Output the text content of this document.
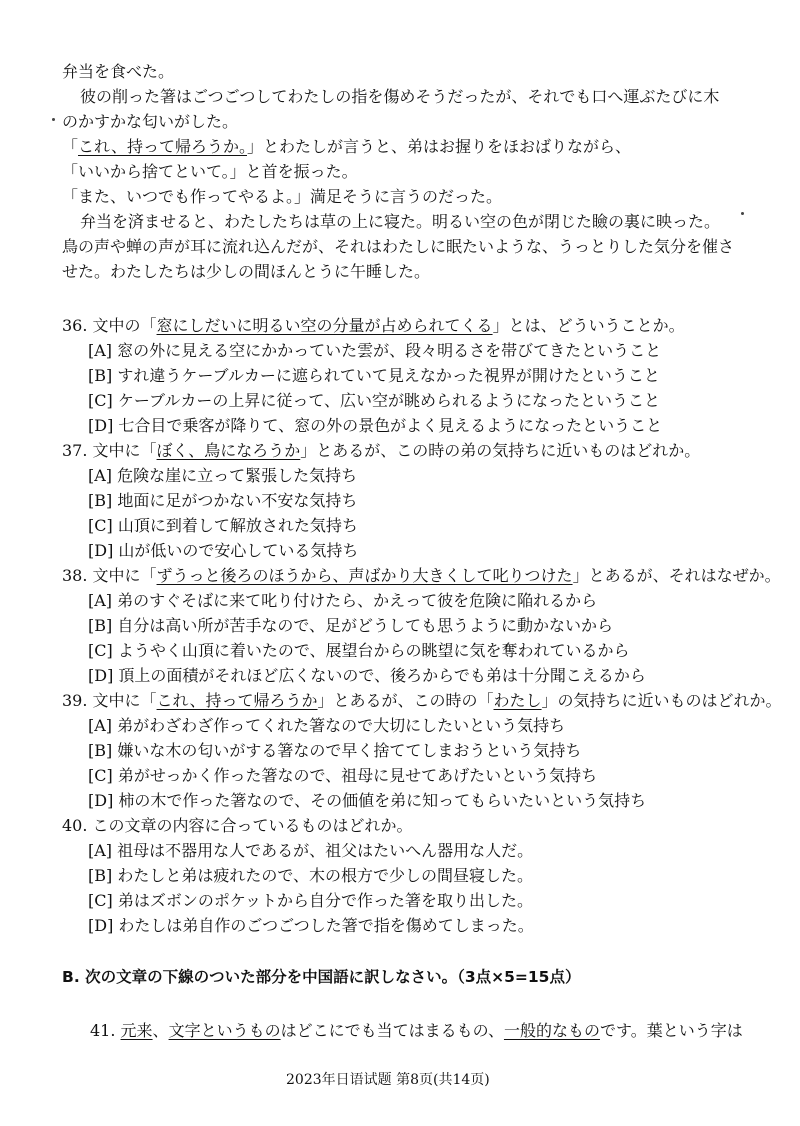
弁当を食べた。
彼の削った箸はごつごつしてわたしの指を傷めそうだったが、それでも口へ運ぶたびに木
のかすかな匂いがした。
「これ、持って帰ろうか。」とわたしが言うと、弟はお握りをほおばりながら、
「いいから捨てといて。」と首を振った。
「また、いつでも作ってやるよ。」満足そうに言うのだった。
弁当を済ませると、わたしたちは草の上に寝た。明るい空の色が閉じた瞼の裏に映った。
鳥の声や蝉の声が耳に流れ込んだが、それはわたしに眠たいような、うっとりした気分を催さ
せた。わたしたちは少しの間ほんとうに午睡した。
36. 文中の「窓にしだいに明るい空の分量が占められてくる」とは、どういうことか。
[A] 窓の外に見える空にかかっていた雲が、段々明るさを帯びてきたということ
[B] すれ違うケーブルカーに遮られていて見えなかった視界が開けたということ
[C] ケーブルカーの上昇に従って、広い空が眺められるようになったということ
[D] 七合目で乗客が降りて、窓の外の景色がよく見えるようになったということ
37. 文中に「ぼく、鳥になろうか」とあるが、この時の弟の気持ちに近いものはどれか。
[A] 危険な崖に立って緊張した気持ち
[B] 地面に足がつかない不安な気持ち
[C] 山頂に到着して解放された気持ち
[D] 山が低いので安心している気持ち
38. 文中に「ずうっと後ろのほうから、声ばかり大きくして叱りつけた」とあるが、それはなぜか。
[A] 弟のすぐそばに来て叱り付けたら、かえって彼を危険に陥れるから
[B] 自分は高い所が苦手なので、足がどうしても思うように動かないから
[C] ようやく山頂に着いたので、展望台からの眺望に気を奪われているから
[D] 頂上の面積がそれほど広くないので、後ろからでも弟は十分聞こえるから
39. 文中に「これ、持って帰ろうか」とあるが、この時の「わたし」の気持ちに近いものはどれか。
[A] 弟がわざわざ作ってくれた箸なので大切にしたいという気持ち
[B] 嫌いな木の匂いがする箸なので早く捨ててしまおうという気持ち
[C] 弟がせっかく作った箸なので、祖母に見せてあげたいという気持ち
[D] 柿の木で作った箸なので、その価値を弟に知ってもらいたいという気持ち
40. この文章の内容に合っているものはどれか。
[A] 祖母は不器用な人であるが、祖父はたいへん器用な人だ。
[B] わたしと弟は疲れたので、木の根方で少しの間昼寝した。
[C] 弟はズボンのポケットから自分で作った箸を取り出した。
[D] わたしは弟自作のごつごつした箸で指を傷めてしまった。
B. 次の文章の下線のついた部分を中国語に訳しなさい。（3点×5=15点）
41. 元来、文字というものはどこにでも当てはまるもの、一般的なものです。葉という字は
2023年日语试题 第8页(共14页)
